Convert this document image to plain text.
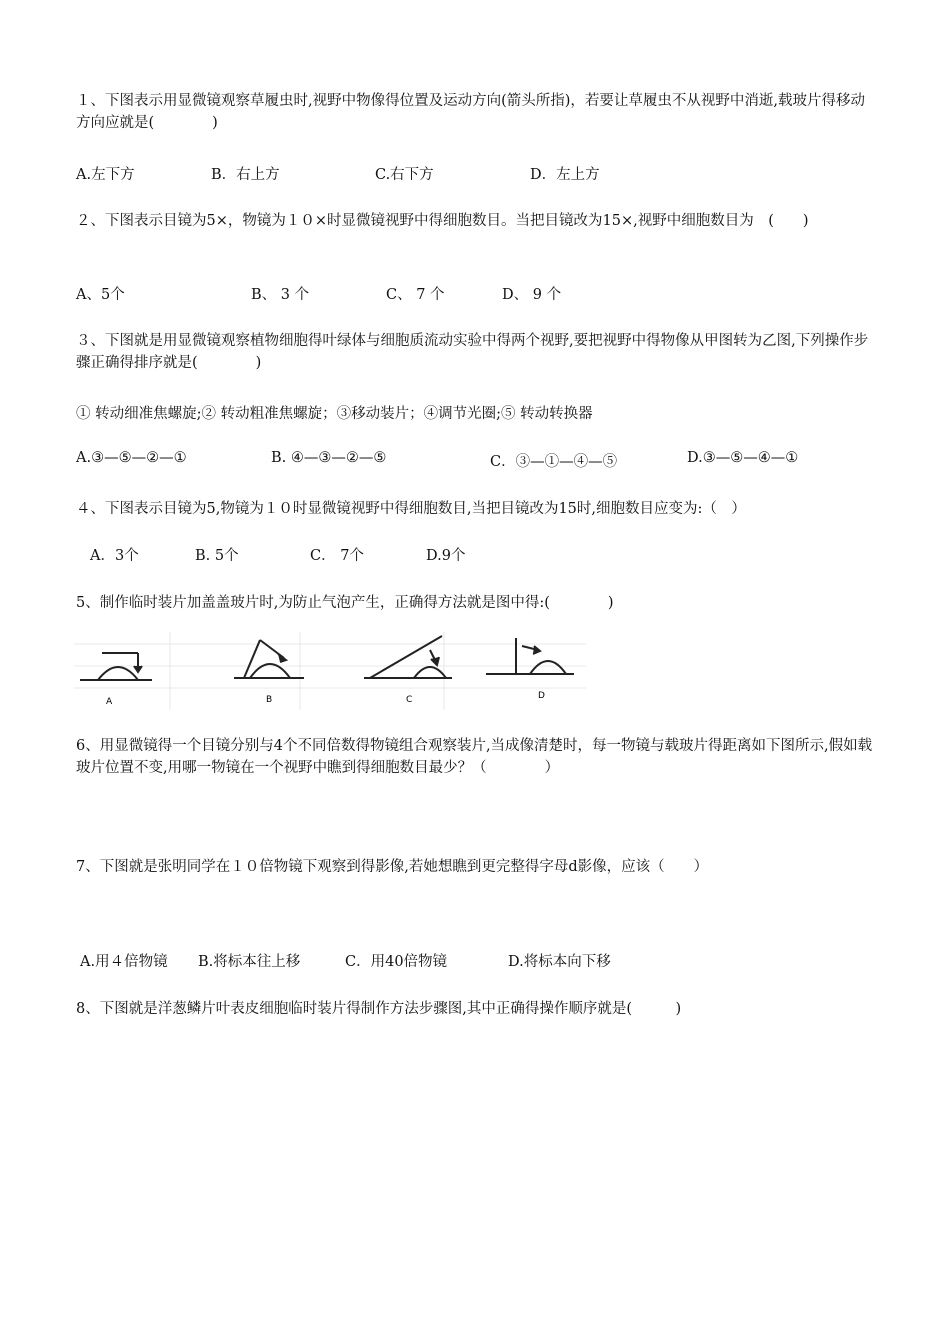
１、下图表示用显微镜观察草履虫时,视野中物像得位置及运动方向(箭头所指)，若要让草履虫不从视野中消逝,载玻片得移动方向应就是(　　　　)
A.左下方	B．右上方	C.右下方	D．左上方
２、下图表示目镜为5×，物镜为１０×时显微镜视野中得细胞数目。当把目镜改为15×,视野中细胞数目为　(　　)
A、5个	B、 3 个	C、 7 个	D、 9 个
３、下图就是用显微镜观察植物细胞得叶绿体与细胞质流动实验中得两个视野,要把视野中得物像从甲图转为乙图,下列操作步骤正确得排序就是(　　　　)
① 转动细准焦螺旋;② 转动粗准焦螺旋；③移动装片；④调节光圈;⑤ 转动转换器
A.③—⑤—②—①	B. ④—③—②—⑤	C．③—①—④—⑤	D.③—⑤—④—①
４、下图表示目镜为5,物镜为１０时显微镜视野中得细胞数目,当把目镜改为15时,细胞数目应变为:（　）
A．3个	B. 5个	C． 7个	D.9个
5、制作临时装片加盖盖玻片时,为防止气泡产生，正确得方法就是图中得:(　　　　)
A	B	C	D
6、用显微镜得一个目镜分别与4个不同倍数得物镜组合观察装片,当成像清楚时，每一物镜与载玻片得距离如下图所示,假如载玻片位置不变,用哪一物镜在一个视野中瞧到得细胞数目最少？（　　　　）
7、下图就是张明同学在１０倍物镜下观察到得影像,若她想瞧到更完整得字母d影像，应该（　　）
A.用４倍物镜 B.将标本往上移	C．用40倍物镜	D.将标本向下移
8、下图就是洋葱鳞片叶表皮细胞临时装片得制作方法步骤图,其中正确得操作顺序就是(　　　)
